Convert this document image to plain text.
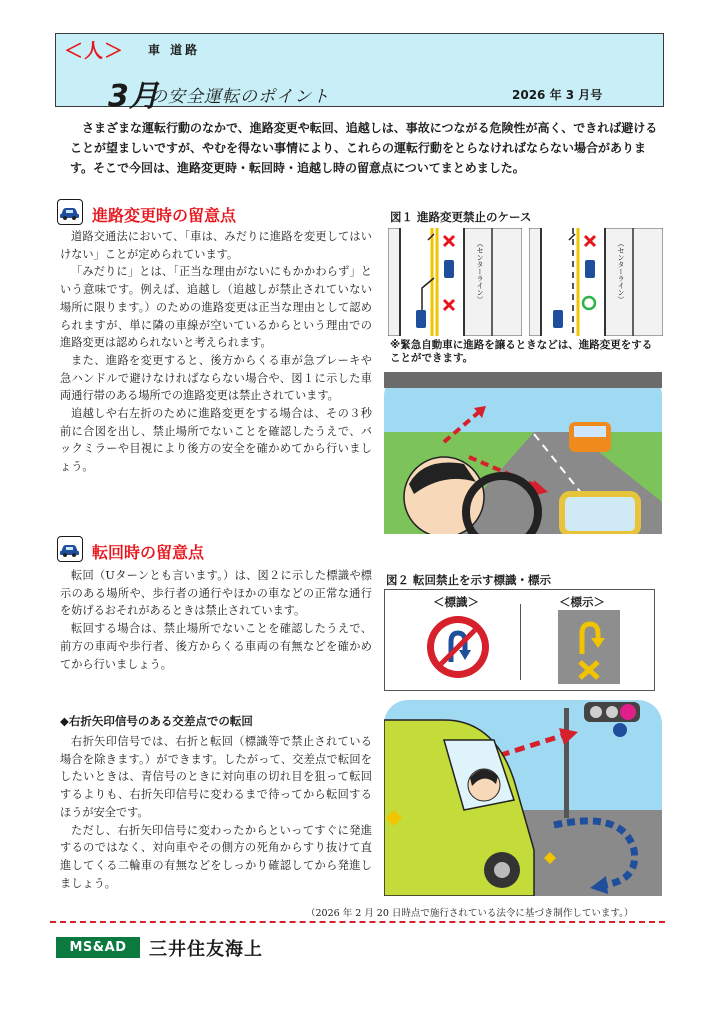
＜人＞ 車 道路
3月
の安全運転のポイント	2026 年 3 月号
さまざまな運転行動のなかで、進路変更や転回、追越しは、事故につながる危険性が高く、できれば避けることが望ましいですが、やむを得ない事情により、これらの運転行動をとらなければならない場合があります。そこで今回は、進路変更時・転回時・追越し時の留意点についてまとめました。
進路変更時の留意点

道路交通法において、「車は、みだりに進路を変更してはいけない」ことが定められています。

「みだりに」とは、「正当な理由がないにもかかわらず」という意味です。例えば、追越し（追越しが禁止されていない場所に限ります。）のための進路変更は正当な理由として認められますが、単に隣の車線が空いているからという理由での進路変更は認められないと考えられます。

また、進路を変更すると、後方からくる車が急ブレーキや急ハンドルで避けなければならない場合や、図１に示した車両通行帯のある場所での進路変更は禁止されています。

追越しや右左折のために進路変更をする場合は、その３秒前に合図を出し、禁止場所でないことを確認したうえで、バックミラーや目視により後方の安全を確かめてから行いましょう。

図１ 進路変更禁止のケース
（センターライン）	（センターライン）
※緊急自動車に進路を譲るときなどは、進路変更をすることができます。
転回時の留意点

転回（Uターンとも言います。）は、図２に示した標識や標示のある場所や、歩行者の通行やほかの車などの正常な通行を妨げるおそれがあるときは禁止されています。

転回する場合は、禁止場所でないことを確認したうえで、前方の車両や歩行者、後方からくる車両の有無などを確かめてから行いましょう。

図２ 転回禁止を示す標識・標示
＜標識＞	＜標示＞
◆右折矢印信号のある交差点での転回

右折矢印信号では、右折と転回（標識等で禁止されている場合を除きます。）ができます。したがって、交差点で転回をしたいときは、青信号のときに対向車の切れ目を狙って転回するよりも、右折矢印信号に変わるまで待ってから転回するほうが安全です。

ただし、右折矢印信号に変わったからといってすぐに発進するのではなく、対向車やその側方の死角からすり抜けて直進してくる二輪車の有無などをしっかり確認してから発進しましょう。

（2026 年 2 月 20 日時点で施行されている法令に基づき制作しています。）
MS&AD	三井住友海上
